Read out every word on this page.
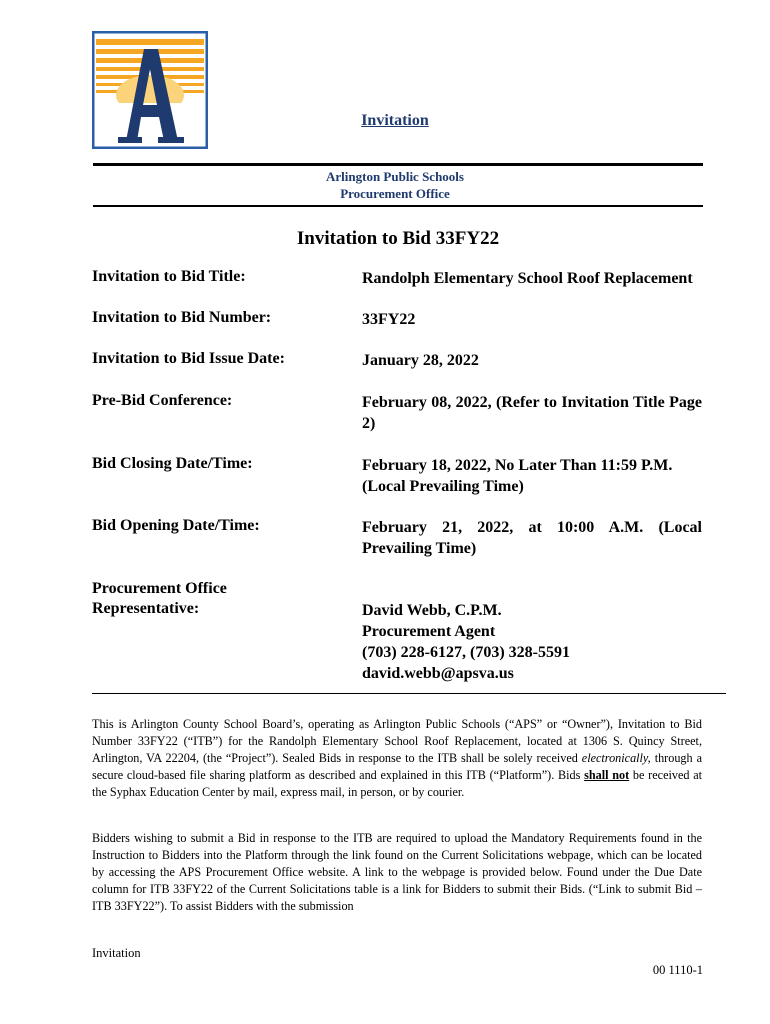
Invitation
Arlington Public Schools
Procurement Office
Invitation to Bid 33FY22
Invitation to Bid Title:	Randolph Elementary School Roof Replacement
Invitation to Bid Number:	33FY22
Invitation to Bid Issue Date:	January 28, 2022
Pre-Bid Conference:	February 08, 2022, (Refer to Invitation Title Page 2)
Bid Closing Date/Time:	February 18, 2022, No Later Than 11:59 P.M. (Local Prevailing Time)
Bid Opening Date/Time:	February 21, 2022, at 10:00 A.M. (Local Prevailing Time)
Procurement Office
Representative:	David Webb, C.P.M.
Procurement Agent
(703) 228-6127, (703) 328-5591
david.webb@apsva.us
This is Arlington County School Board’s, operating as Arlington Public Schools (“APS” or “Owner”), Invitation to Bid Number 33FY22 (“ITB”) for the Randolph Elementary School Roof Replacement, located at 1306 S. Quincy Street, Arlington, VA 22204, (the “Project”). Sealed Bids in response to the ITB shall be solely received electronically, through a secure cloud-based file sharing platform as described and explained in this ITB (“Platform”). Bids shall not be received at the Syphax Education Center by mail, express mail, in person, or by courier.
Bidders wishing to submit a Bid in response to the ITB are required to upload the Mandatory Requirements found in the Instruction to Bidders into the Platform through the link found on the Current Solicitations webpage, which can be located by accessing the APS Procurement Office website. A link to the webpage is provided below. Found under the Due Date column for ITB 33FY22 of the Current Solicitations table is a link for Bidders to submit their Bids. (“Link to submit Bid – ITB 33FY22”). To assist Bidders with the submission
Invitation
00 1110-1
